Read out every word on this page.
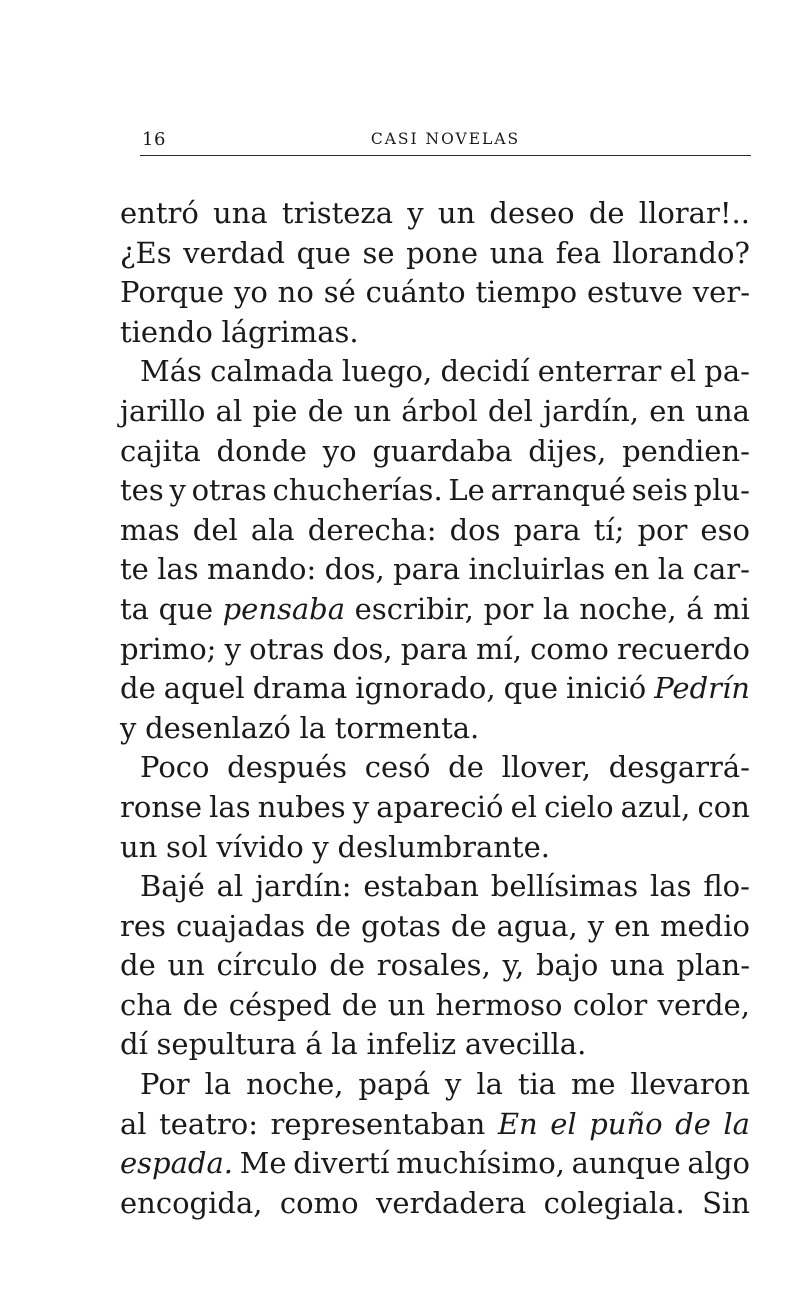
16	CASI NOVELAS
entró una tristeza y un deseo de llorar!..
¿Es verdad que se pone una fea llorando?
Porque yo no sé cuánto tiempo estuve ver-
tiendo lágrimas.
Más calmada luego, decidí enterrar el pa-
jarillo al pie de un árbol del jardín, en una
cajita donde yo guardaba dijes, pendien-
tes y otras chucherías. Le arranqué seis plu-
mas del ala derecha: dos para tí; por eso
te las mando: dos, para incluirlas en la car-
ta que pensaba escribir, por la noche, á mi
primo; y otras dos, para mí, como recuerdo
de aquel drama ignorado, que inició Pedrín
y desenlazó la tormenta.
Poco después cesó de llover, desgarrá-
ronse las nubes y apareció el cielo azul, con
un sol vívido y deslumbrante.
Bajé al jardín: estaban bellísimas las flo-
res cuajadas de gotas de agua, y en medio
de un círculo de rosales, y, bajo una plan-
cha de césped de un hermoso color verde,
dí sepultura á la infeliz avecilla.
Por la noche, papá y la tia me llevaron
al teatro: representaban En el puño de la
espada. Me divertí muchísimo, aunque algo
encogida, como verdadera colegiala. Sin
